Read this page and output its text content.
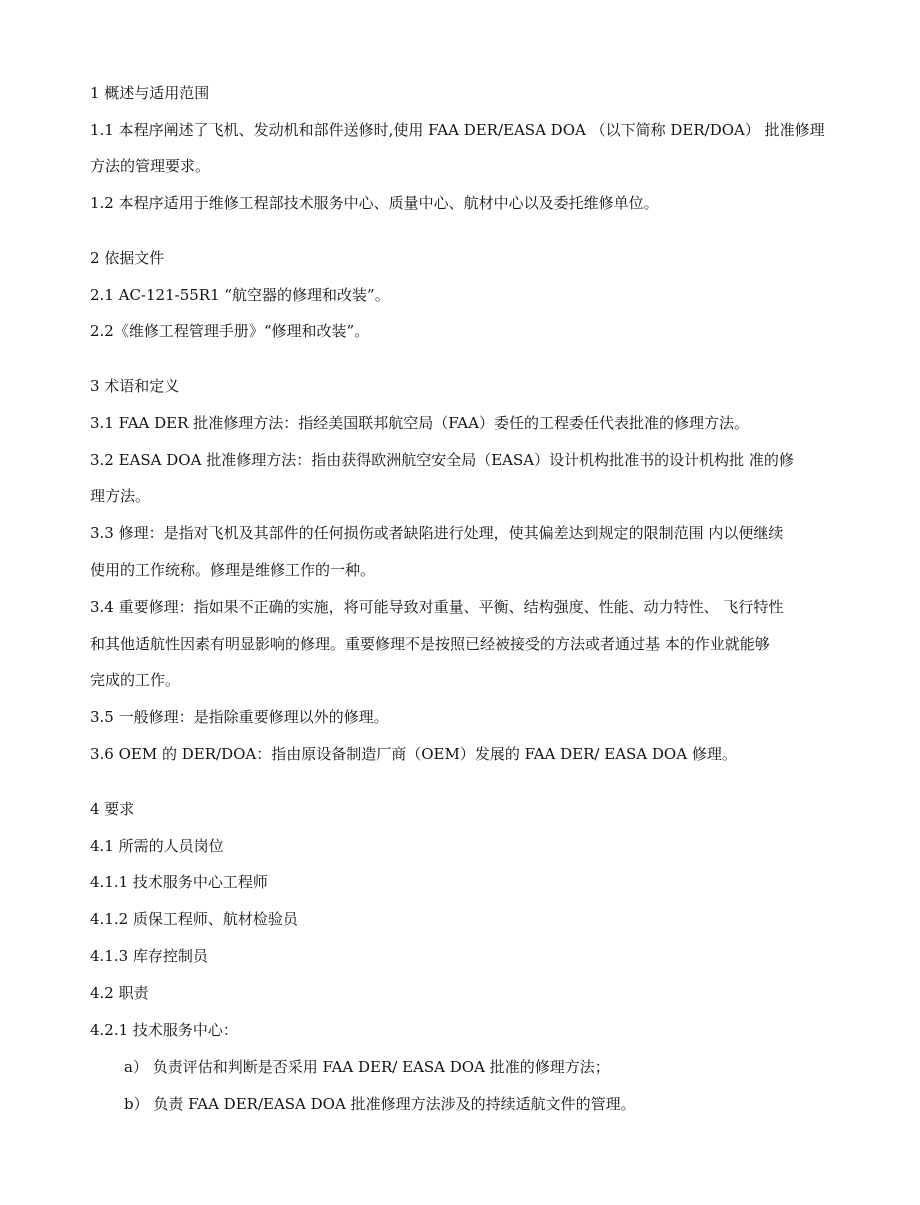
1 概述与适用范围
1.1 本程序阐述了飞机、发动机和部件送修时,使用 FAA DER/EASA DOA （以下简称 DER/DOA） 批准修理
方法的管理要求。
1.2 本程序适用于维修工程部技术服务中心、质量中心、航材中心以及委托维修单位。
2 依据文件
2.1 AC-121-55R1 “航空器的修理和改装”。
2.2《维修工程管理手册》“修理和改装”。
3 术语和定义
3.1 FAA DER 批准修理方法：指经美国联邦航空局（FAA）委任的工程委任代表批准的修理方法。
3.2 EASA DOA 批准修理方法：指由获得欧洲航空安全局（EASA）设计机构批准书的设计机构批 准的修
理方法。
3.3 修理：是指对飞机及其部件的任何损伤或者缺陷进行处理，使其偏差达到规定的限制范围 内以便继续
使用的工作统称。修理是维修工作的一种。
3.4 重要修理：指如果不正确的实施，将可能导致对重量、平衡、结构强度、性能、动力特性、 飞行特性
和其他适航性因素有明显影响的修理。重要修理不是按照已经被接受的方法或者通过基 本的作业就能够
完成的工作。
3.5 一般修理：是指除重要修理以外的修理。
3.6 OEM 的 DER/DOA：指由原设备制造厂商（OEM）发展的 FAA DER/ EASA DOA 修理。
4 要求
4.1 所需的人员岗位
4.1.1 技术服务中心工程师
4.1.2 质保工程师、航材检验员
4.1.3 库存控制员
4.2 职责
4.2.1 技术服务中心：
a） 负责评估和判断是否采用 FAA DER/ EASA DOA 批准的修理方法；
b） 负责 FAA DER/EASA DOA 批准修理方法涉及的持续适航文件的管理。
